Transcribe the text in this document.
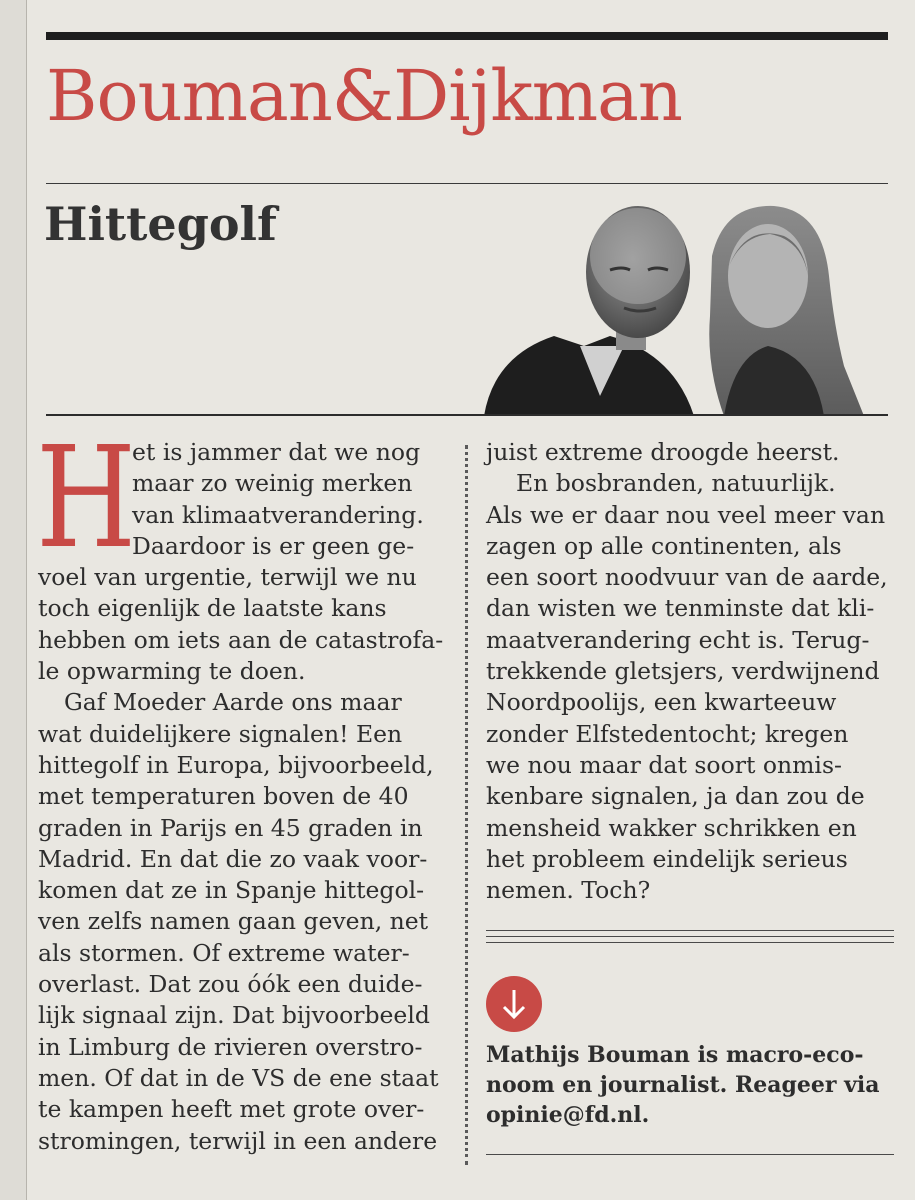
Bouman&Dijkman
Hittegolf
H
et is jammer dat we nog
maar zo weinig merken
van klimaatverandering.
Daardoor is er geen ge-
voel van urgentie, terwijl we nu
toch eigenlijk de laatste kans
hebben om iets aan de catastrofa-
le opwarming te doen.
Gaf Moeder Aarde ons maar
wat duidelijkere signalen! Een
hittegolf in Europa, bijvoorbeeld,
met temperaturen boven de 40
graden in Parijs en 45 graden in
Madrid. En dat die zo vaak voor-
komen dat ze in Spanje hittegol-
ven zelfs namen gaan geven, net
als stormen. Of extreme water-
overlast. Dat zou óók een duide-
lijk signaal zijn. Dat bijvoorbeeld
in Limburg de rivieren overstro-
men. Of dat in de VS de ene staat
te kampen heeft met grote over-
stromingen, terwijl in een andere
juist extreme droogde heerst.
En bosbranden, natuurlijk.
Als we er daar nou veel meer van
zagen op alle continenten, als
een soort noodvuur van de aarde,
dan wisten we tenminste dat kli-
maatverandering echt is. Terug-
trekkende gletsjers, verdwijnend
Noordpoolijs, een kwarteeuw
zonder Elfstedentocht; kregen
we nou maar dat soort onmis-
kenbare signalen, ja dan zou de
mensheid wakker schrikken en
het probleem eindelijk serieus
nemen. Toch?
Mathijs Bouman is macro-eco-
noom en journalist. Reageer via
opinie@fd.nl.
